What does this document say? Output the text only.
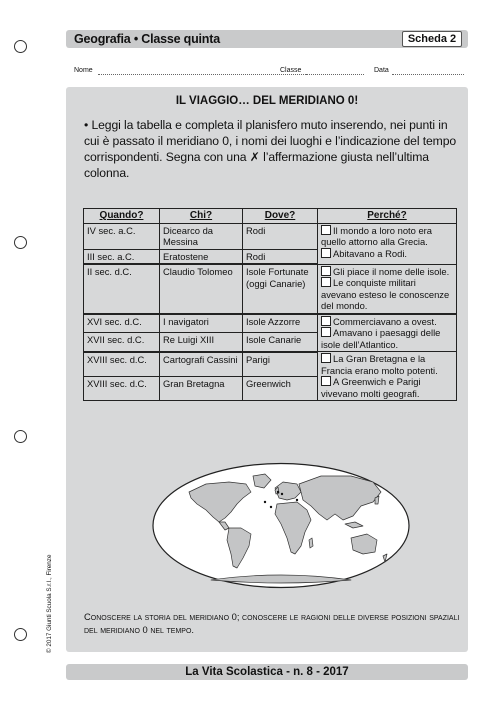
Geografia • Classe quinta	Scheda 2
Nome	Classe	Data
IL VIAGGIO… DEL MERIDIANO 0!
• Leggi la tabella e completa il planisfero muto inserendo, nei punti in cui è passato il meridiano 0, i nomi dei luoghi e l’indicazione del tempo corrispondenti. Segna con una ✗ l’affermazione giusta nell’ultima colonna.
Quando?	Chi?	Dove?	Perché?
IV sec. a.C.	Dicearco da Messina	Rodi	Il mondo a loro noto era quello attorno alla Grecia.
Abitavano a Rodi.

III sec. a.C.	Eratostene	Rodi	
II sec. d.C.	Claudio Tolomeo	Isole Fortunate (oggi Canarie)	Gli piace il nome delle isole.
Le conquiste militari avevano esteso le conoscenze del mondo.

XVI sec. d.C.	I navigatori	Isole Azzorre	Commerciavano a ovest.
Amavano i paesaggi delle isole dell’Atlantico.

XVII sec. d.C.	Re Luigi XIII	Isole Canarie	
XVIII sec. d.C.	Cartografi Cassini	Parigi	La Gran Bretagna e la Francia erano molto potenti.
A Greenwich e Parigi vivevano molti geografi.

XVIII sec. d.C.	Gran Bretagna	Greenwich	
Conoscere la storia del meridiano 0; conoscere le ragioni delle diverse posizioni spaziali del meridiano 0 nel tempo.
La Vita Scolastica - n. 8 - 2017
© 2017 Giunti Scuola S.r.l., Firenze
